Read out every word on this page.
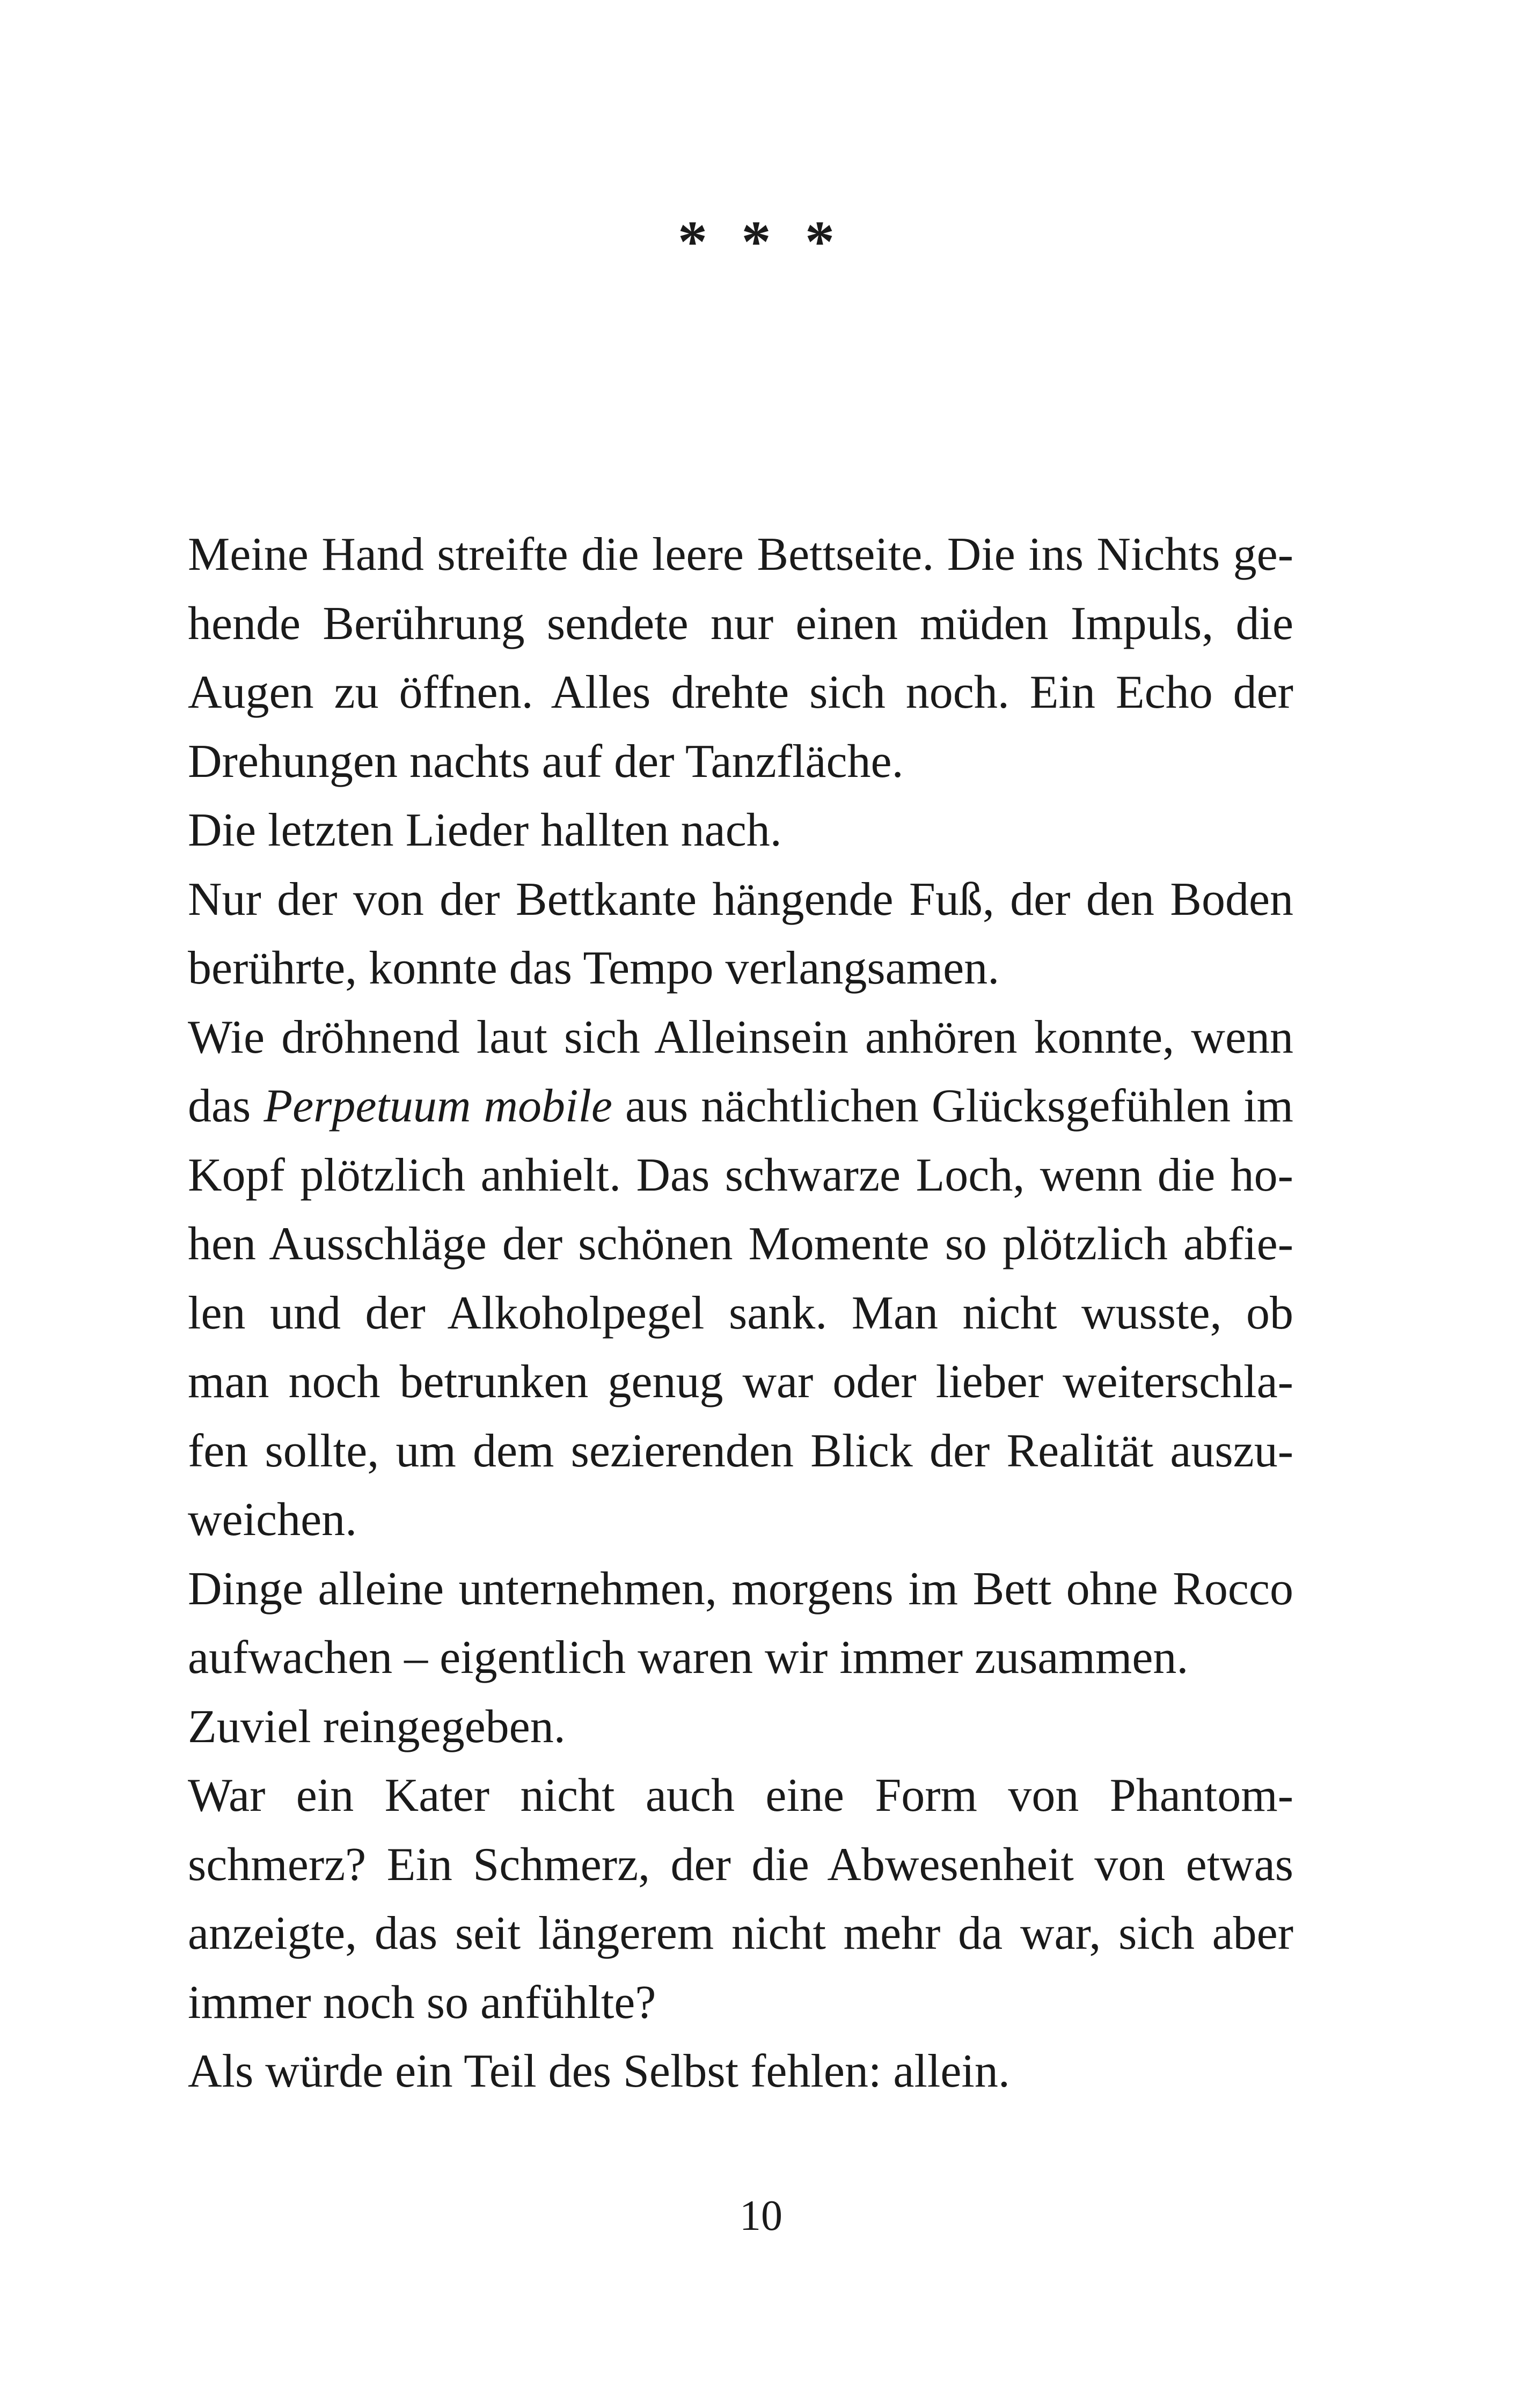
* * *
Meine Hand streifte die leere Bettseite. Die ins Nichts ge-
hende Berührung sendete nur einen müden Impuls, die
Augen zu öffnen. Alles drehte sich noch. Ein Echo der
Drehungen nachts auf der Tanzfläche.
Die letzten Lieder hallten nach.
Nur der von der Bettkante hängende Fuß, der den Boden
berührte, konnte das Tempo verlangsamen.
Wie dröhnend laut sich Alleinsein anhören konnte, wenn
das Perpetuum mobile aus nächtlichen Glücksgefühlen im
Kopf plötzlich anhielt. Das schwarze Loch, wenn die ho-
hen Ausschläge der schönen Momente so plötzlich abfie-
len und der Alkoholpegel sank. Man nicht wusste, ob
man noch betrunken genug war oder lieber weiterschla-
fen sollte, um dem sezierenden Blick der Realität auszu-
weichen.
Dinge alleine unternehmen, morgens im Bett ohne Rocco
aufwachen – eigentlich waren wir immer zusammen.
Zuviel reingegeben.
War ein Kater nicht auch eine Form von Phantom-
schmerz? Ein Schmerz, der die Abwesenheit von etwas
anzeigte, das seit längerem nicht mehr da war, sich aber
immer noch so anfühlte?
Als würde ein Teil des Selbst fehlen: allein.
10
